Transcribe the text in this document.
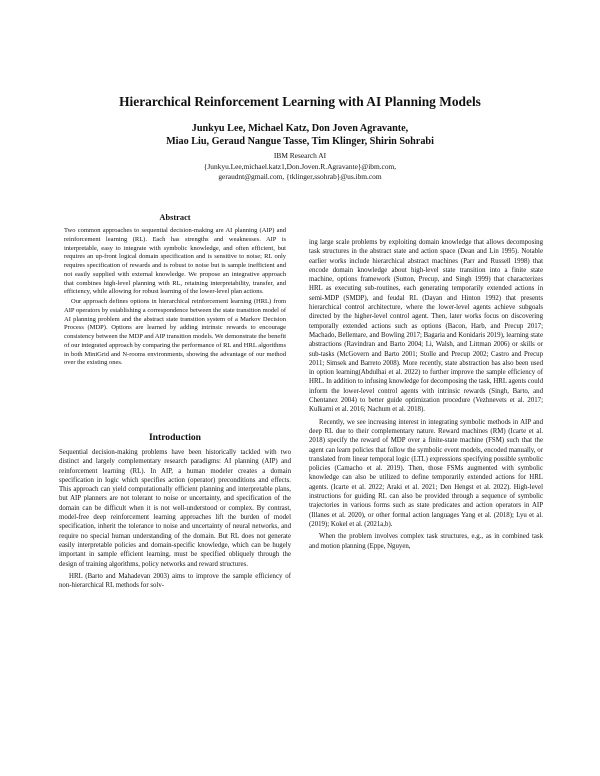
Hierarchical Reinforcement Learning with AI Planning Models
Junkyu Lee, Michael Katz, Don Joven Agravante,
Miao Liu, Geraud Nangue Tasse, Tim Klinger, Shirin Sohrabi
IBM Research AI
{Junkyu.Lee,michael.katz1,Don.Joven.R.Agravante}@ibm.com,
geraudnt@gmail.com, {tklinger,ssohrab}@us.ibm.com
Abstract

Two common approaches to sequential decision-making are AI planning (AIP) and reinforcement learning (RL). Each has strengths and weaknesses. AIP is interpretable, easy to integrate with symbolic knowledge, and often efficient, but requires an up-front logical domain specification and is sensitive to noise; RL only requires specification of rewards and is robust to noise but is sample inefficient and not easily supplied with external knowledge. We propose an integrative approach that combines high-level planning with RL, retaining interpretability, transfer, and efficiency, while allowing for robust learning of the lower-level plan actions.

Our approach defines options in hierarchical reinforcement learning (HRL) from AIP operators by establishing a correspondence between the state transition model of AI planning problem and the abstract state transition system of a Markov Decision Process (MDP). Options are learned by adding intrinsic rewards to encourage consistency between the MDP and AIP transition models. We demonstrate the benefit of our integrated approach by comparing the performance of RL and HRL algorithms in both MiniGrid and N-rooms environments, showing the advantage of our method over the existing ones.

Introduction

Sequential decision-making problems have been historically tackled with two distinct and largely complementary research paradigms: AI planning (AIP) and reinforcement learning (RL). In AIP, a human modeler creates a domain specification in logic which specifies action (operator) preconditions and effects. This approach can yield computationally efficient planning and interpretable plans, but AIP planners are not tolerant to noise or uncertainty, and specification of the domain can be difficult when it is not well-understood or complex. By contrast, model-free deep reinforcement learning approaches lift the burden of model specification, inherit the tolerance to noise and uncertainty of neural networks, and require no special human understanding of the domain. But RL does not generate easily interpretable policies and domain-specific knowledge, which can be hugely important in sample efficient learning, must be specified obliquely through the design of training algorithms, policy networks and reward structures.

HRL (Barto and Mahadevan 2003) aims to improve the sample efficiency of non-hierarchical RL methods for solv-

ing large scale problems by exploiting domain knowledge that allows decomposing task structures in the abstract state and action space (Dean and Lin 1995). Notable earlier works include hierarchical abstract machines (Parr and Russell 1998) that encode domain knowledge about high-level state transition into a finite state machine, options framework (Sutton, Precup, and Singh 1999) that characterizes HRL as executing sub-routines, each generating temporarily extended actions in semi-MDP (SMDP), and feudal RL (Dayan and Hinton 1992) that presents hierarchical control architecture, where the lower-level agents achieve subgoals directed by the higher-level control agent. Then, later works focus on discovering temporally extended actions such as options (Bacon, Harb, and Precup 2017; Machado, Bellemare, and Bowling 2017; Bagaria and Konidaris 2019), learning state abstractions (Ravindran and Barto 2004; Li, Walsh, and Littman 2006) or skills or sub-tasks (McGovern and Barto 2001; Stolle and Precup 2002; Castro and Precup 2011; Simsek and Barreto 2008). More recently, state abstraction has also been used in option learning(Abdulhai et al. 2022) to further improve the sample efficiency of HRL. In addition to infusing knowledge for decomposing the task, HRL agents could inform the lower-level control agents with intrinsic rewards (Singh, Barto, and Chentanez 2004) to better guide optimization procedure (Vezhnevets et al. 2017; Kulkarni et al. 2016; Nachum et al. 2018).

Recently, we see increasing interest in integrating symbolic methods in AIP and deep RL due to their complementary nature. Reward machines (RM) (Icarte et al. 2018) specify the reward of MDP over a finite-state machine (FSM) such that the agent can learn policies that follow the symbolic event models, encoded manually, or translated from linear temporal logic (LTL) expressions specifying possible symbolic policies (Camacho et al. 2019). Then, those FSMs augmented with symbolic knowledge can also be utilized to define temporarily extended actions for HRL agents. (Icarte et al. 2022; Araki et al. 2021; Den Hengst et al. 2022). High-level instructions for guiding RL can also be provided through a sequence of symbolic trajectories in various forms such as state predicates and action operators in AIP (Illanes et al. 2020), or other formal action languages Yang et al. (2018); Lyu et al. (2019); Kokel et al. (2021a,b).

When the problem involves complex task structures, e.g., as in combined task and motion planning (Eppe, Nguyen,
